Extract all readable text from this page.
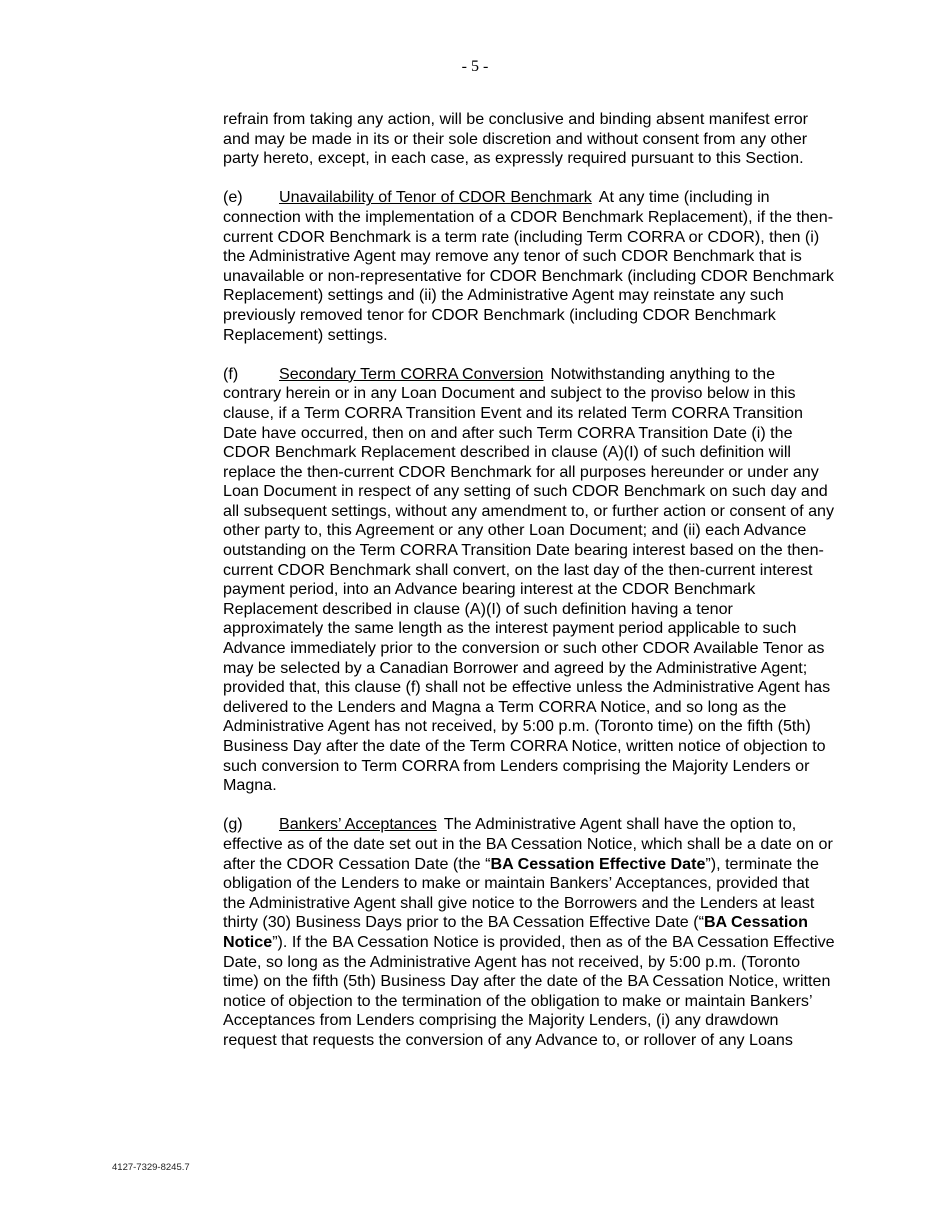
- 5 -

refrain from taking any action, will be conclusive and binding absent manifest error and may be made in its or their sole discretion and without consent from any other party hereto, except, in each case, as expressly required pursuant to this Section.

(e) Unavailability of Tenor of CDOR Benchmark At any time (including in connection with the implementation of a CDOR Benchmark Replacement), if the then-current CDOR Benchmark is a term rate (including Term CORRA or CDOR), then (i) the Administrative Agent may remove any tenor of such CDOR Benchmark that is unavailable or non-representative for CDOR Benchmark (including CDOR Benchmark Replacement) settings and (ii) the Administrative Agent may reinstate any such previously removed tenor for CDOR Benchmark (including CDOR Benchmark Replacement) settings.

(f)	Secondary Term CORRA Conversion Notwithstanding anything to the contrary herein or in any Loan Document and subject to the proviso below in this clause, if a Term CORRA Transition Event and its related Term CORRA Transition Date have occurred, then on and after such Term CORRA Transition Date (i) the CDOR Benchmark Replacement described in clause (A)(I) of such definition will replace the then-current CDOR Benchmark for all purposes hereunder or under any Loan Document in respect of any setting of such CDOR Benchmark on such day and all subsequent settings, without any amendment to, or further action or consent of any other party to, this Agreement or any other Loan Document; and (ii) each Advance outstanding on the Term CORRA Transition Date bearing interest based on the then-current CDOR Benchmark shall convert, on the last day of the then-current interest payment period, into an Advance bearing interest at the CDOR Benchmark Replacement described in clause (A)(I) of such definition having a tenor approximately the same length as the interest payment period applicable to such Advance immediately prior to the conversion or such other CDOR Available Tenor as may be selected by a Canadian Borrower and agreed by the Administrative Agent; provided that, this clause (f) shall not be effective unless the Administrative Agent has delivered to the Lenders and Magna a Term CORRA Notice, and so long as the Administrative Agent has not received, by 5:00 p.m. (Toronto time) on the fifth (5th) Business Day after the date of the Term CORRA Notice, written notice of objection to such conversion to Term CORRA from Lenders comprising the Majority Lenders or Magna.

(g) Bankers’ Acceptances The Administrative Agent shall have the option to, effective as of the date set out in the BA Cessation Notice, which shall be a date on or after the CDOR Cessation Date (the “BA Cessation Effective Date”), terminate the obligation of the Lenders to make or maintain Bankers’ Acceptances, provided that the Administrative Agent shall give notice to the Borrowers and the Lenders at least thirty (30) Business Days prior to the BA Cessation Effective Date (“BA Cessation Notice”). If the BA Cessation Notice is provided, then as of the BA Cessation Effective Date, so long as the Administrative Agent has not received, by 5:00 p.m. (Toronto time) on the fifth (5th) Business Day after the date of the BA Cessation Notice, written notice of objection to the termination of the obligation to make or maintain Bankers’ Acceptances from Lenders comprising the Majority Lenders, (i) any drawdown request that requests the conversion of any Advance to, or rollover of any Loans

4127-7329-8245.7
